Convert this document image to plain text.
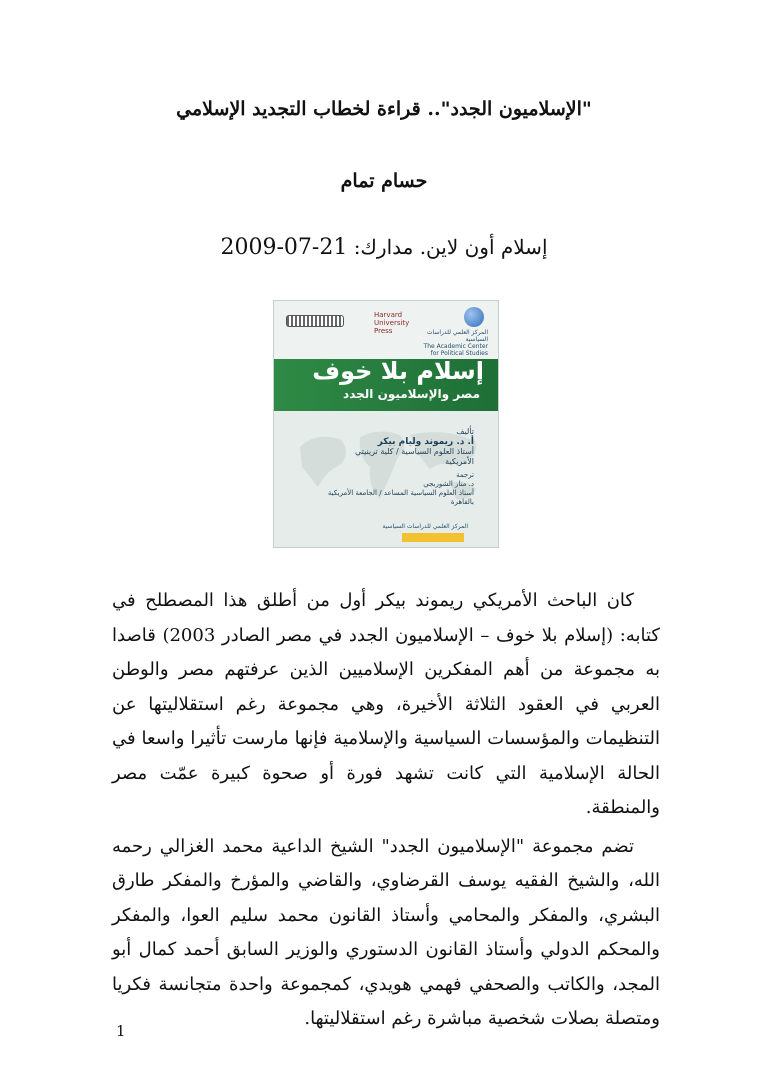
"الإسلاميون الجدد".. قراءة لخطاب التجديد الإسلامي
حسام تمام
إسلام أون لاين. مدارك: 2009-07-21
المركز العلمي للدراسات السياسية
The Academic Center for Political Studies
Harvard University Press
إسلام بلا خوف
مصر والإسلاميون الجدد
تأليف
أ. د. ريموند وليام بيكر
أستاذ العلوم السياسية / كلية ترينيتي الأمريكية
ترجمة
د. منار الشوربجي
أستاذ العلوم السياسية المساعد / الجامعة الأمريكية بالقاهرة
المركز العلمي للدراسات السياسية

كان الباحث الأمريكي ريموند بيكر أول من أطلق هذا المصطلح في كتابه: (إسلام بلا خوف – الإسلاميون الجدد في مصر الصادر 2003) قاصدا به مجموعة من أهم المفكرين الإسلاميين الذين عرفتهم مصر والوطن العربي في العقود الثلاثة الأخيرة، وهي مجموعة رغم استقلاليتها عن التنظيمات والمؤسسات السياسية والإسلامية فإنها مارست تأثيرا واسعا في الحالة الإسلامية التي كانت تشهد فورة أو صحوة كبيرة عمّت مصر والمنطقة.

تضم مجموعة "الإسلاميون الجدد" الشيخ الداعية محمد الغزالي رحمه الله، والشيخ الفقيه يوسف القرضاوي، والقاضي والمؤرخ والمفكر طارق البشري، والمفكر والمحامي وأستاذ القانون محمد سليم العوا، والمفكر والمحكم الدولي وأستاذ القانون الدستوري والوزير السابق أحمد كمال أبو المجد، والكاتب والصحفي فهمي هويدي، كمجموعة واحدة متجانسة فكريا ومتصلة بصلات شخصية مباشرة رغم استقلاليتها.

1
